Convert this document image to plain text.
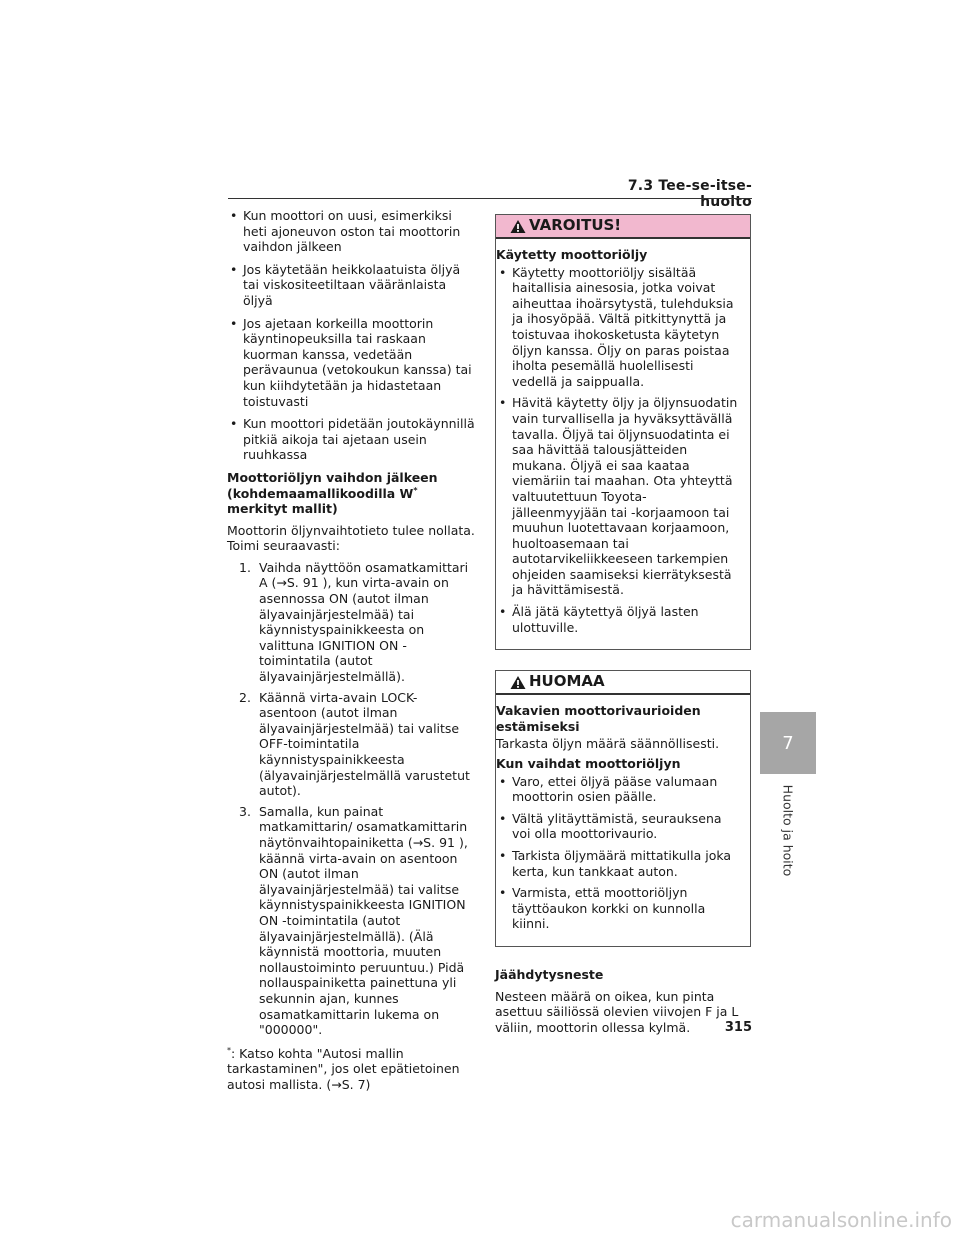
7.3 Tee-se-itse-huolto
• Kun moottori on uusi, esimerkiksi heti ajoneuvon oston tai moottorin vaihdon jälkeen
• Jos käytetään heikkolaatuista öljyä tai viskositeetiltaan vääränlaista öljyä
• Jos ajetaan korkeilla moottorin käyntinopeuksilla tai raskaan kuorman kanssa, vedetään perävaunua (vetokoukun kanssa) tai kun kiihdytetään ja hidastetaan toistuvasti
• Kun moottori pidetään joutokäynnillä pitkiä aikoja tai ajetaan usein ruuhkassa
Moottoriöljyn vaihdon jälkeen (kohdemaamallikoodilla W* merkityt mallit)
Moottorin öljynvaihtotieto tulee nollata. Toimi seuraavasti:
1. Vaihda näyttöön osamatkamittari A (→S. 91 ), kun virta-avain on asennossa ON (autot ilman älyavainjärjestelmää) tai käynnistyspainikkeesta on valittuna IGNITION ON -toimintatila (autot älyavainjärjestelmällä).
2. Käännä virta-avain LOCK-asentoon (autot ilman älyavainjärjestelmää) tai valitse OFF-toimintatila käynnistyspainikkeesta (älyavainjärjestelmällä varustetut autot).
3. Samalla, kun painat matkamittarin/ osamatkamittarin näytönvaihtopainiketta (→S. 91 ), käännä virta-avain on asentoon ON (autot ilman älyavainjärjestelmää) tai valitse käynnistyspainikkeesta IGNITION ON -toimintatila (autot älyavainjärjestelmällä). (Älä käynnistä moottoria, muuten nollaustoiminto peruuntuu.) Pidä nollauspainiketta painettuna yli sekunnin ajan, kunnes osamatkamittarin lukema on "000000".
*: Katso kohta "Autosi mallin tarkastaminen", jos olet epätietoinen autosi mallista. (→S. 7)
VAROITUS!
Käytetty moottoriöljy
• Käytetty moottoriöljy sisältää haitallisia ainesosia, jotka voivat aiheuttaa ihoärsytystä, tulehduksia ja ihosyöpää. Vältä pitkittynyttä ja toistuvaa ihokosketusta käytetyn öljyn kanssa. Öljy on paras poistaa iholta pesemällä huolellisesti vedellä ja saippualla.
• Hävitä käytetty öljy ja öljynsuodatin vain turvallisella ja hyväksyttävällä tavalla. Öljyä tai öljynsuodatinta ei saa hävittää talousjätteiden mukana. Öljyä ei saa kaataa viemäriin tai maahan. Ota yhteyttä valtuutettuun Toyota-jälleenmyyjään tai -korjaamoon tai muuhun luotettavaan korjaamoon, huoltoasemaan tai autotarvikeliikkeeseen tarkempien ohjeiden saamiseksi kierrätyksestä ja hävittämisestä.
• Älä jätä käytettyä öljyä lasten ulottuville.
HUOMAA
Vakavien moottorivaurioiden estämiseksi
Tarkasta öljyn määrä säännöllisesti.
Kun vaihdat moottoriöljyn
• Varo, ettei öljyä pääse valumaan moottorin osien päälle.
• Vältä ylitäyttämistä, seurauksena voi olla moottorivaurio.
• Tarkista öljymäärä mittatikulla joka kerta, kun tankkaat auton.
• Varmista, että moottoriöljyn täyttöaukon korkki on kunnolla kiinni.
Jäähdytysneste
Nesteen määrä on oikea, kun pinta asettuu säiliössä olevien viivojen F ja L väliin, moottorin ollessa kylmä.
7
Huolto ja hoito
315
carmanualsonline.info
